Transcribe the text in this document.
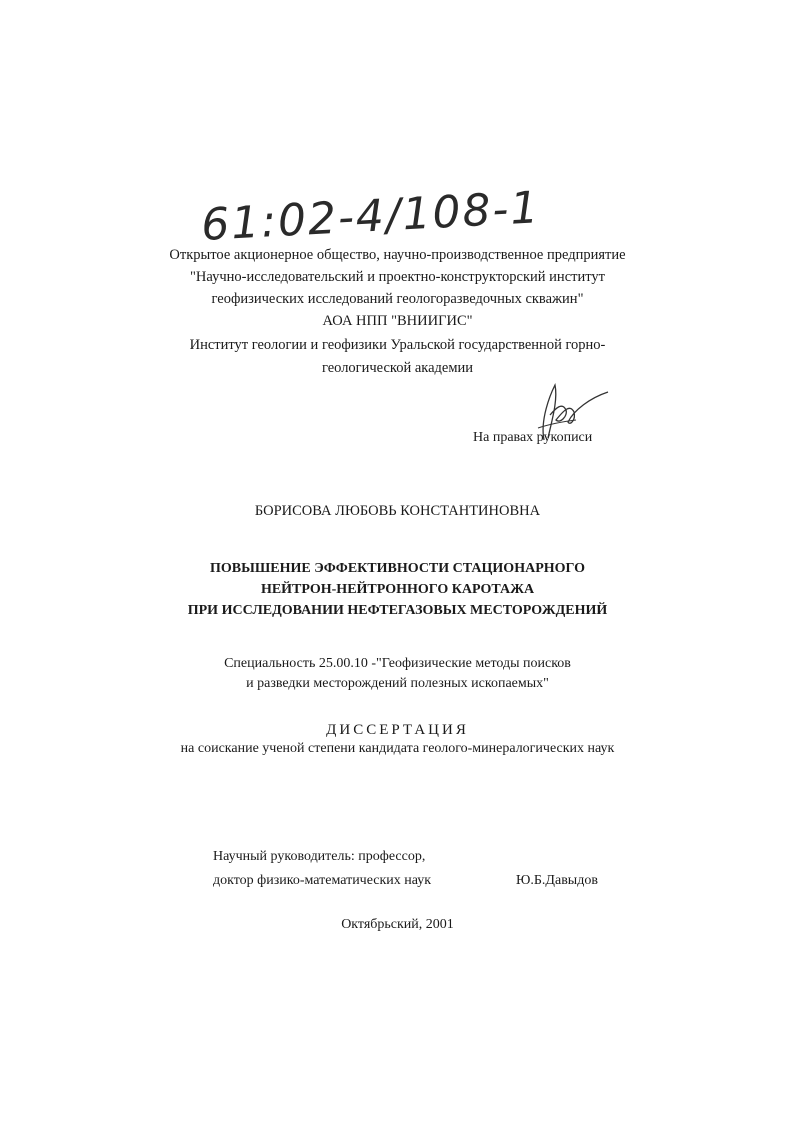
61:02-4/108-1
Открытое акционерное общество, научно-производственное предприятие
"Научно-исследовательский и проектно-конструкторский институт
геофизических исследований геологоразведочных скважин"
АОА НПП "ВНИИГИС"
Институт геологии и геофизики Уральской государственной горно-
геологической академии
На правах рукописи
БОРИСОВА ЛЮБОВЬ КОНСТАНТИНОВНА
ПОВЫШЕНИЕ ЭФФЕКТИВНОСТИ СТАЦИОНАРНОГО
НЕЙТРОН-НЕЙТРОННОГО КАРОТАЖА
ПРИ ИССЛЕДОВАНИИ НЕФТЕГАЗОВЫХ МЕСТОРОЖДЕНИЙ
Специальность 25.00.10 -"Геофизические методы поисков
и разведки месторождений полезных ископаемых"
ДИССЕРТАЦИЯ
на соискание ученой степени кандидата геолого-минералогических наук
Научный руководитель: профессор,
доктор физико-математических наук	Ю.Б.Давыдов
Октябрьский, 2001
